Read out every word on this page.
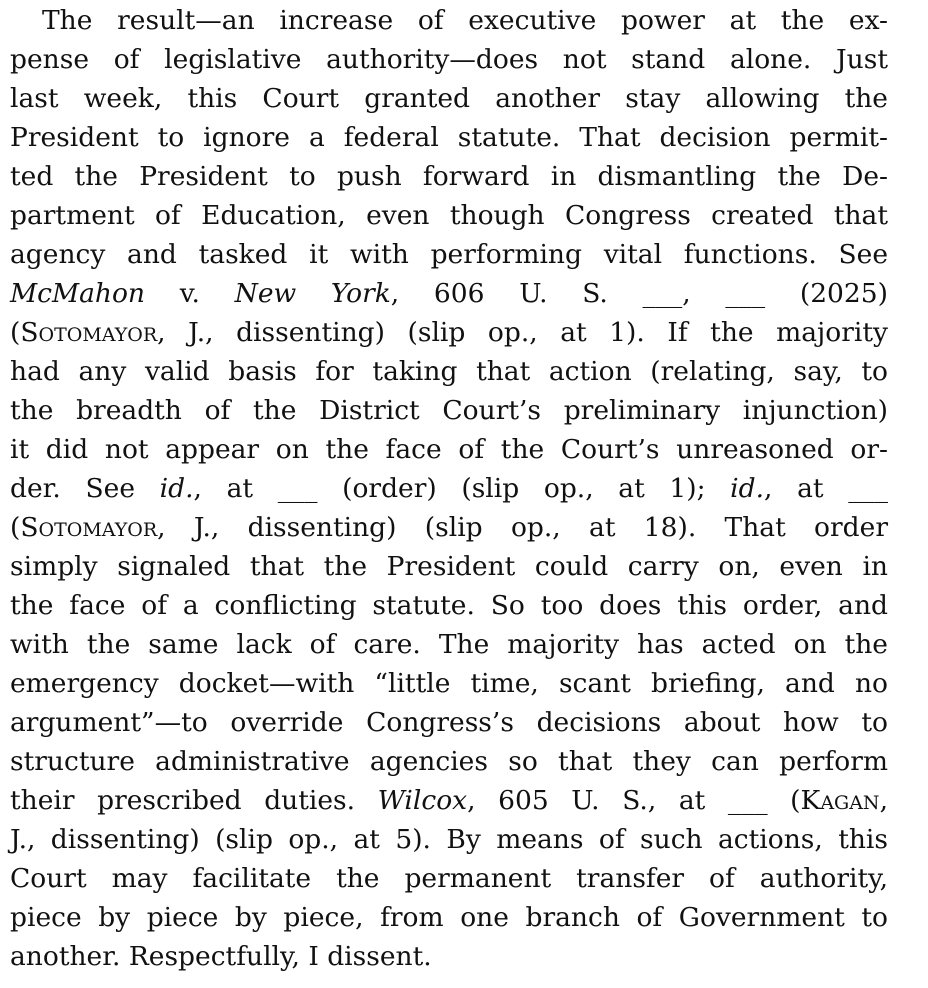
The result—an increase of executive power at the ex-
pense of legislative authority—does not stand alone. Just
last week, this Court granted another stay allowing the
President to ignore a federal statute. That decision permit-
ted the President to push forward in dismantling the De-
partment of Education, even though Congress created that
agency and tasked it with performing vital functions. See
McMahon v. New York, 606 U. S. ___, ___ (2025)
(Sotomayor, J., dissenting) (slip op., at 1). If the majority
had any valid basis for taking that action (relating, say, to
the breadth of the District Court’s preliminary injunction)
it did not appear on the face of the Court’s unreasoned or-
der. See id., at ___ (order) (slip op., at 1); id., at ___
(Sotomayor, J., dissenting) (slip op., at 18). That order
simply signaled that the President could carry on, even in
the face of a conflicting statute. So too does this order, and
with the same lack of care. The majority has acted on the
emergency docket—with “little time, scant briefing, and no
argument”—to override Congress’s decisions about how to
structure administrative agencies so that they can perform
their prescribed duties. Wilcox, 605 U. S., at ___ (Kagan,
J., dissenting) (slip op., at 5). By means of such actions, this
Court may facilitate the permanent transfer of authority,
piece by piece by piece, from one branch of Government to
another. Respectfully, I dissent.
